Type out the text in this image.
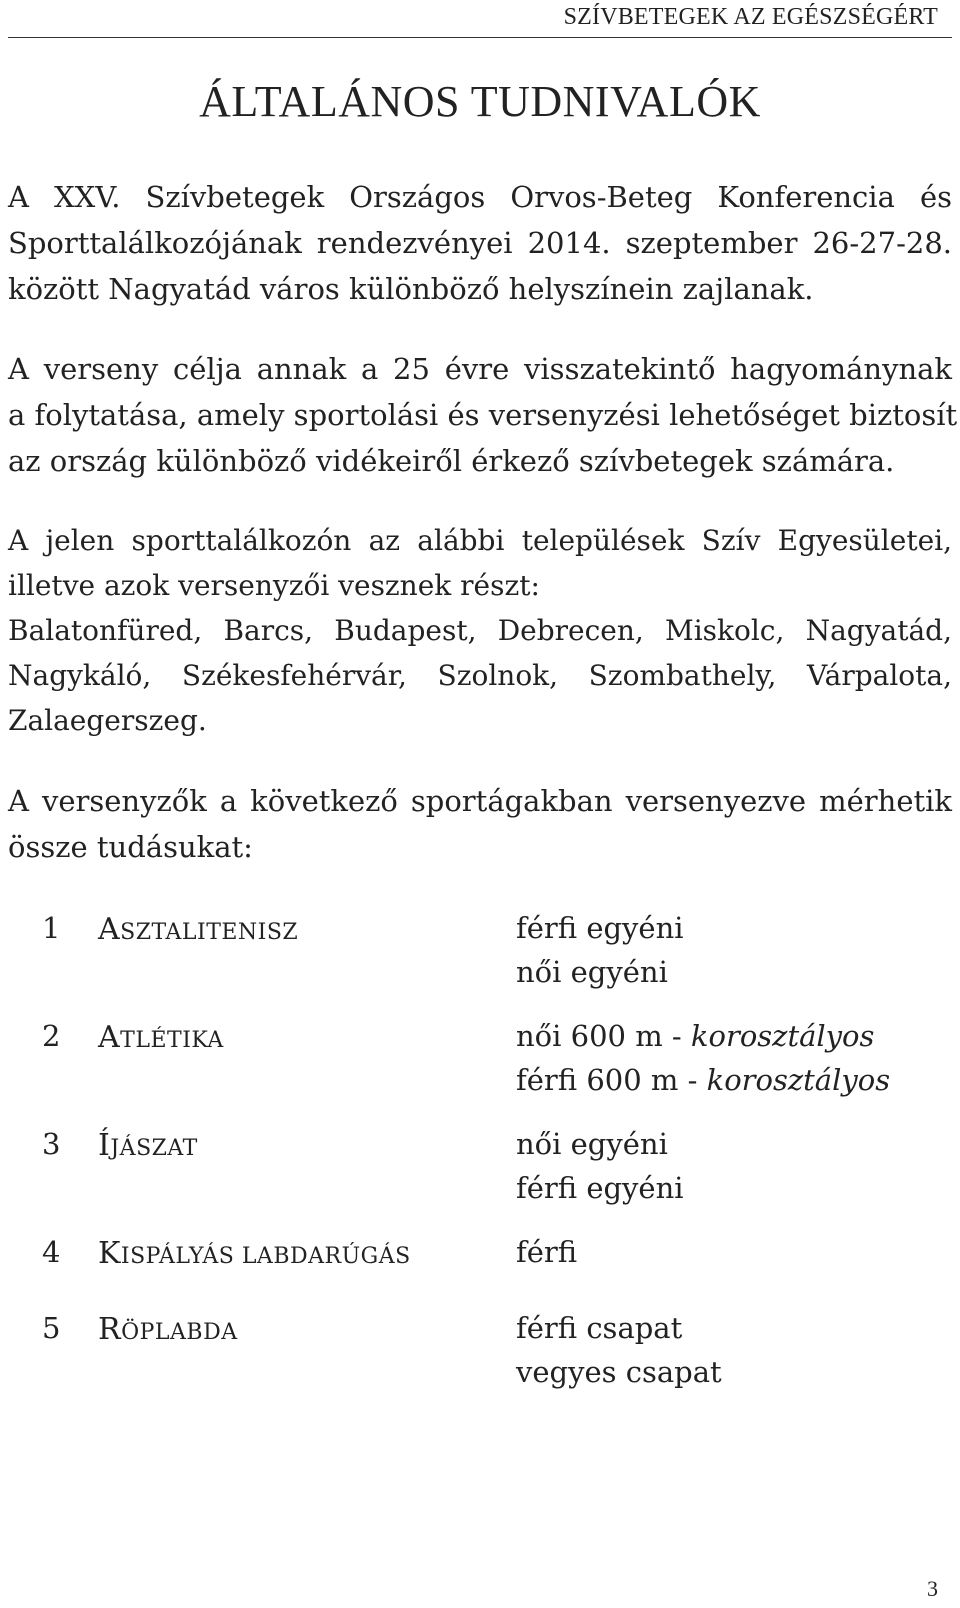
SZÍVBETEGEK AZ EGÉSZSÉGÉRT
ÁLTALÁNOS TUDNIVALÓK

A XXV. Szívbetegek Országos Orvos-Beteg Konferencia és
Sporttalálkozójának rendezvényei 2014. szeptember 26-27-28.
között Nagyatád város különböző helyszínein zajlanak.

A verseny célja annak a 25 évre visszatekintő hagyománynak
a folytatása, amely sportolási és versenyzési lehetőséget biztosít
az ország különböző vidékeiről érkező szívbetegek számára.

A jelen sporttalálkozón az alábbi települések Szív Egyesületei,
illetve azok versenyzői vesznek részt:
Balatonfüred, Barcs, Budapest, Debrecen, Miskolc, Nagyatád,
Nagykáló, Székesfehérvár, Szolnok, Szombathely, Várpalota,
Zalaegerszeg.

A versenyzők a következő sportágakban versenyezve mérhetik
össze tudásukat:

1 ASZTALITENISZ	férfi egyéni
női egyéni
2 ATLÉTIKA	női 600 m - korosztályos
férfi 600 m - korosztályos
3 ÍJÁSZAT	női egyéni
férfi egyéni
4 KISPÁLYÁS LABDARÚGÁS	férfi
5 RÖPLABDA	férfi csapat
vegyes csapat
3
